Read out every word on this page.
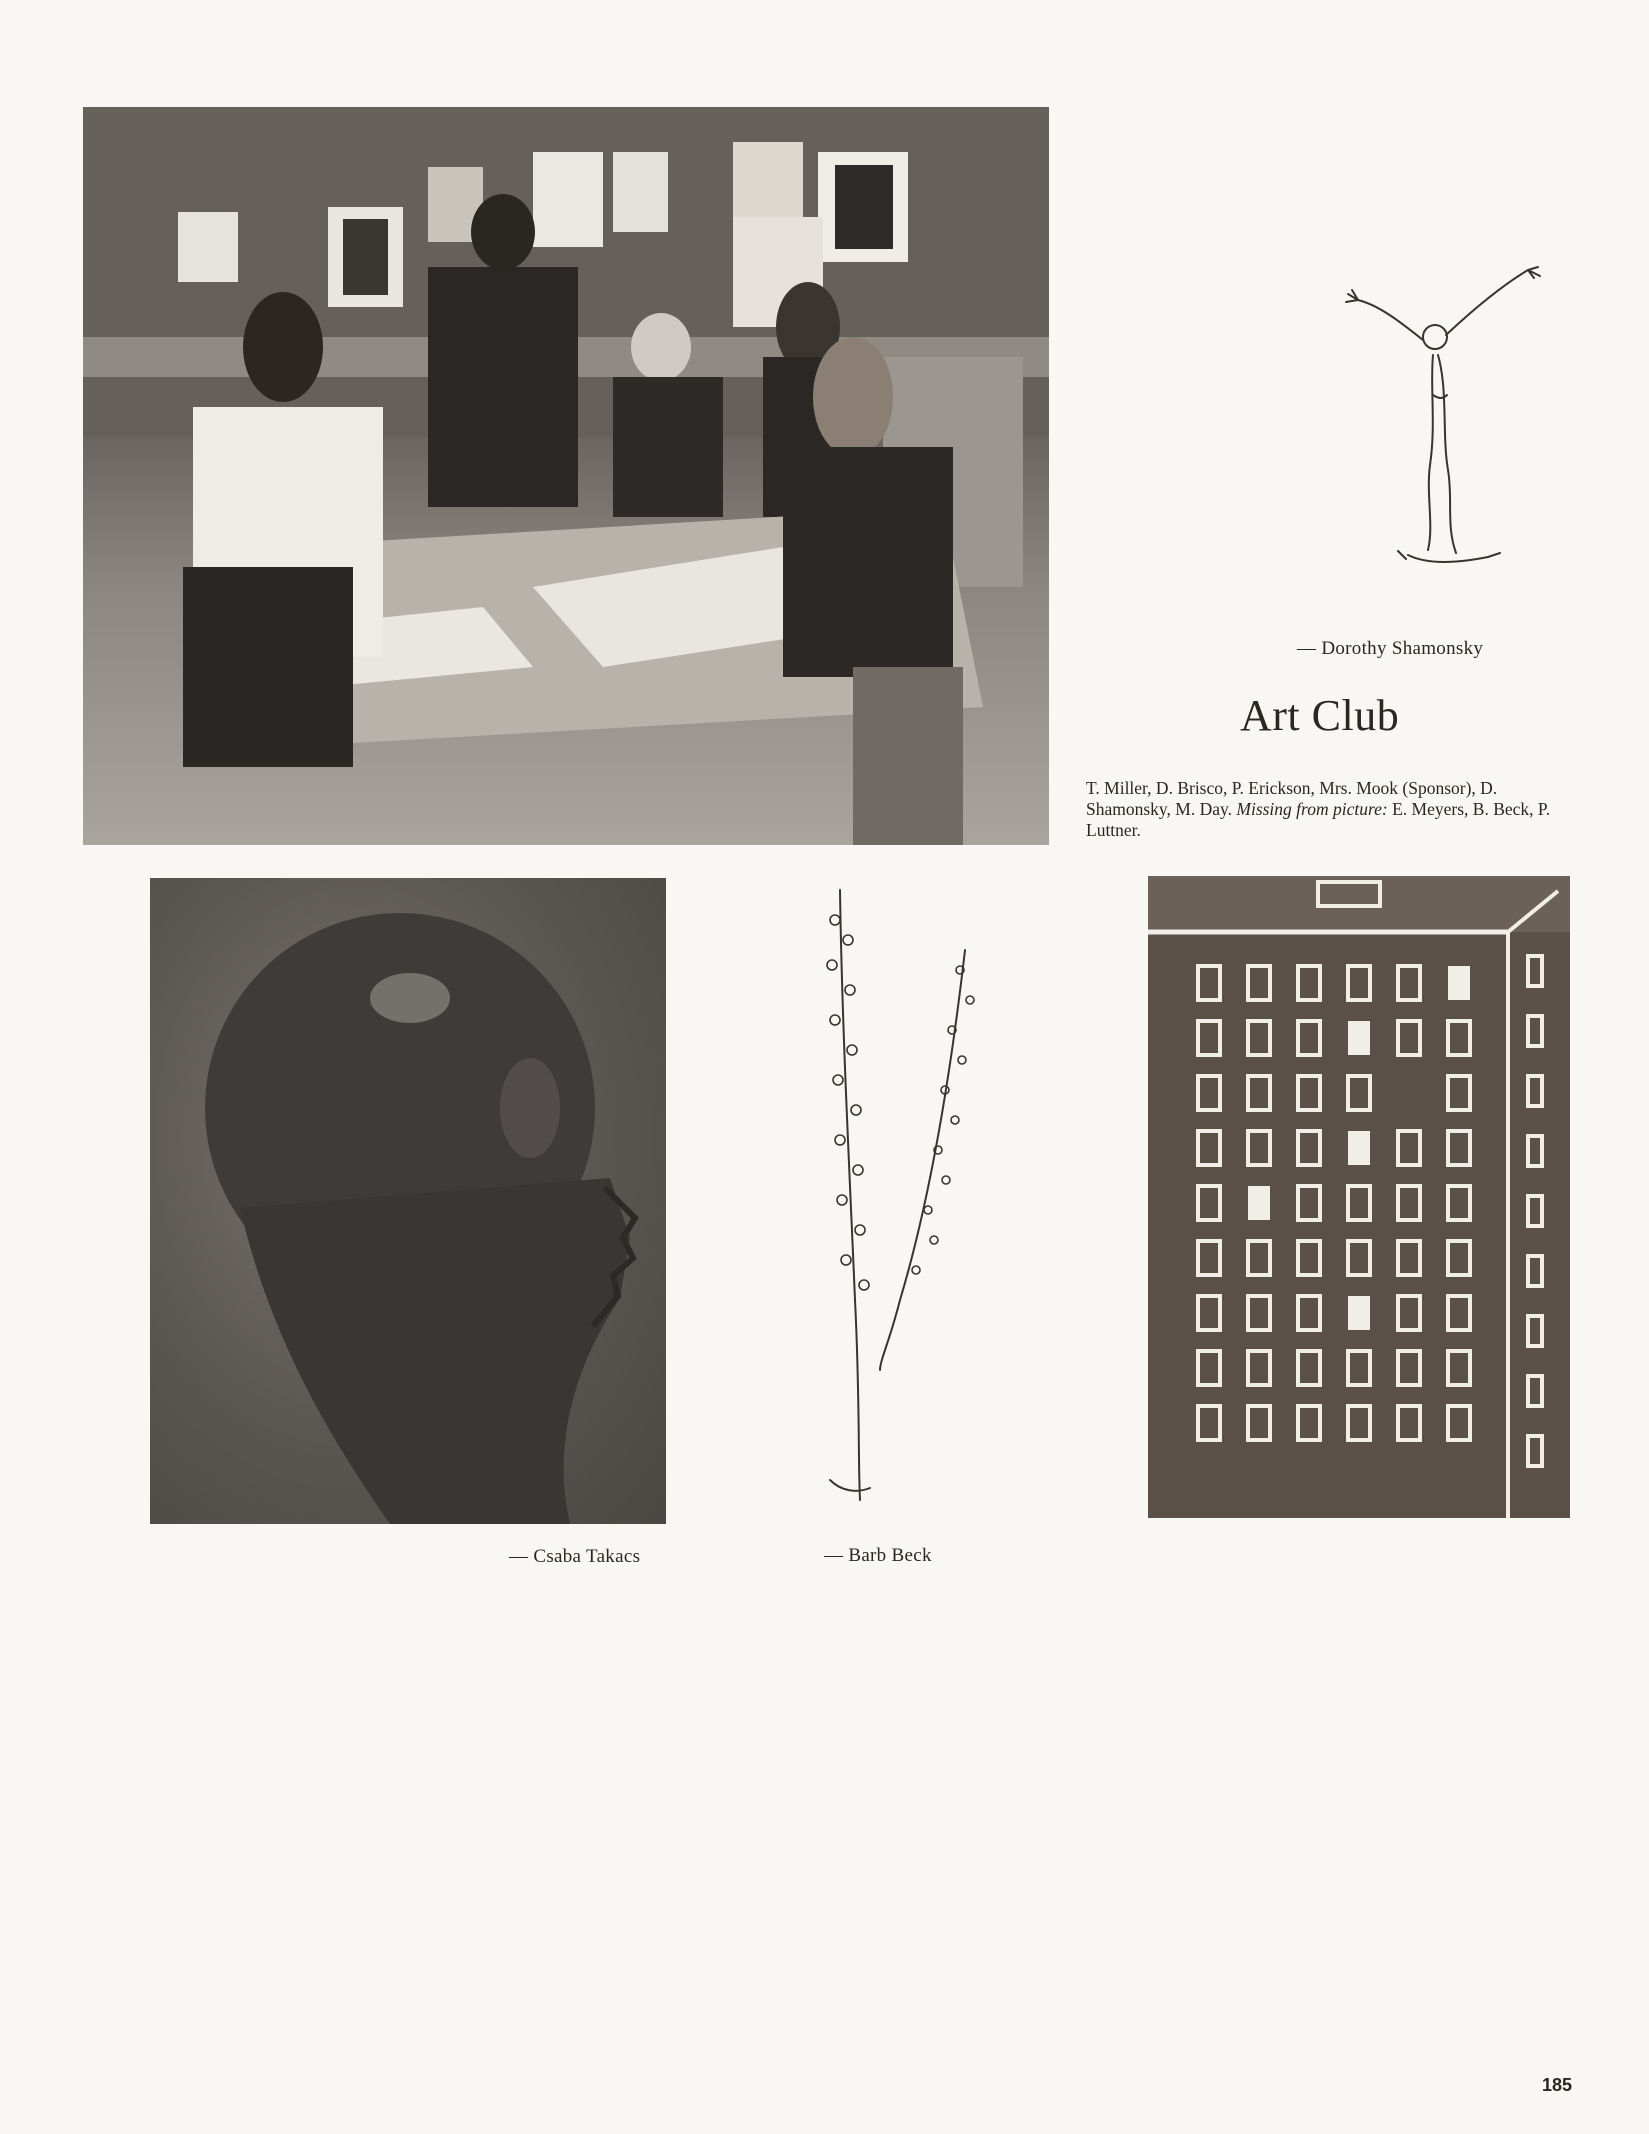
— Dorothy Shamonsky
Art Club
T. Miller, D. Brisco, P. Erickson, Mrs. Mook (Sponsor), D. Shamonsky, M. Day. Missing from picture: E. Meyers, B. Beck, P. Luttner.
— Csaba Takacs	— Barb Beck
185
